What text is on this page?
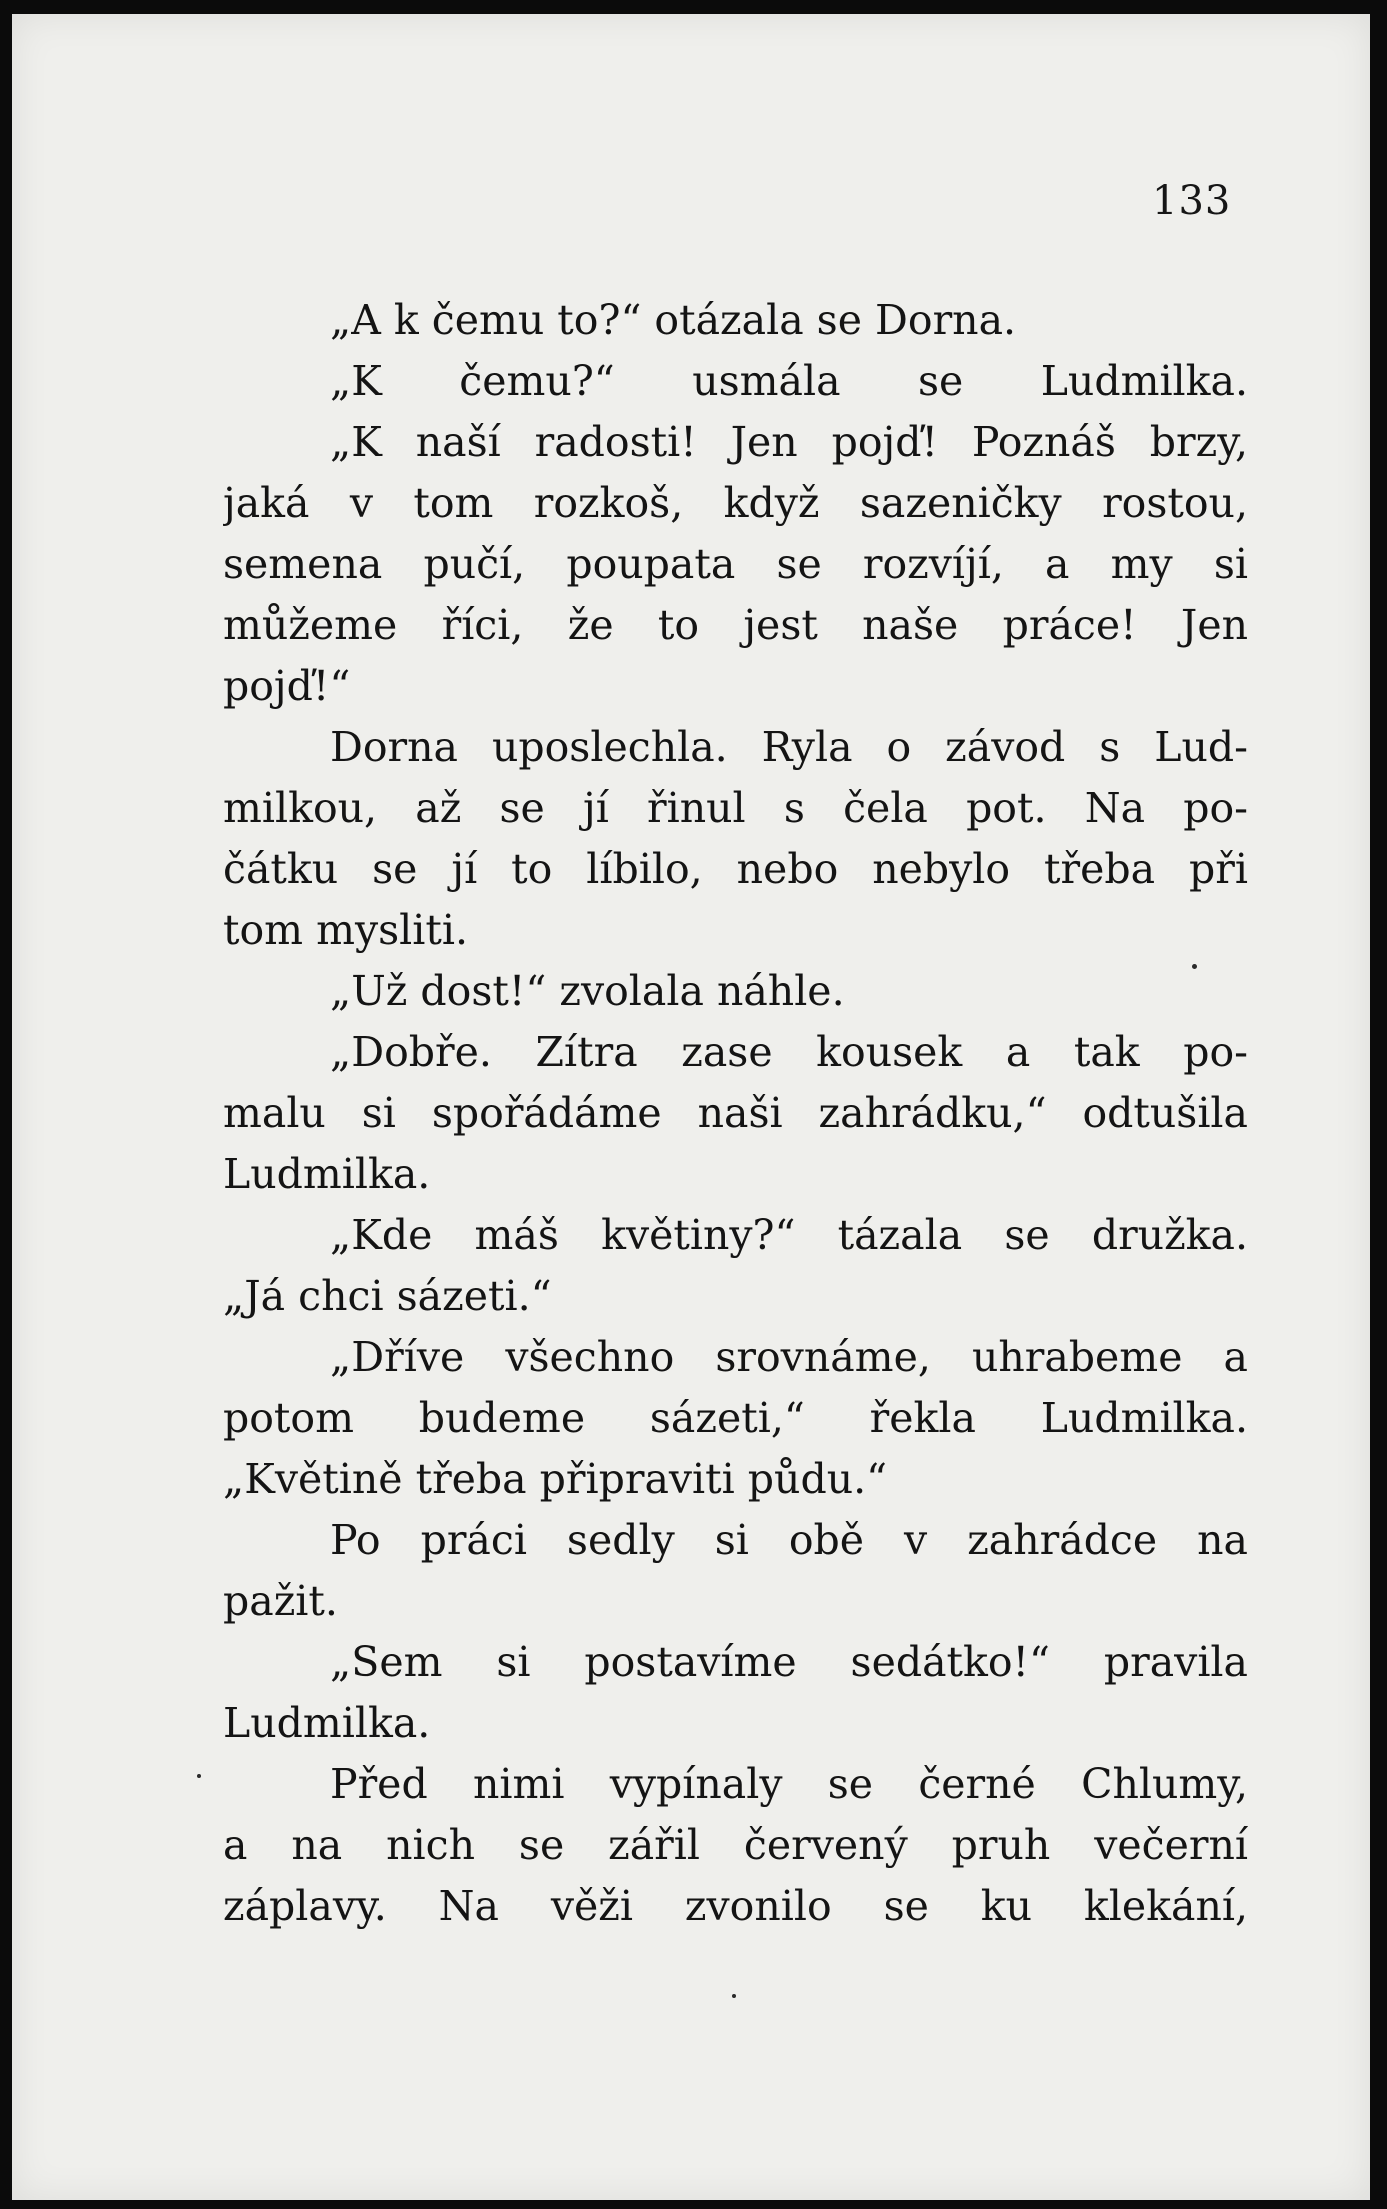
133
„A k čemu to?“ otázala se Dorna.
„K čemu?“ usmála se Ludmilka.
„K naší radosti! Jen pojď! Poznáš brzy,
jaká v tom rozkoš, když sazeničky rostou,
semena pučí, poupata se rozvíjí, a my si
můžeme říci, že to jest naše práce! Jen
pojď!“
Dorna uposlechla. Ryla o závod s Lud-
milkou, až se jí řinul s čela pot. Na po-
čátku se jí to líbilo, nebo nebylo třeba při
tom mysliti.
„Už dost!“ zvolala náhle.
„Dobře. Zítra zase kousek a tak po-
malu si spořádáme naši zahrádku,“ odtušila
Ludmilka.
„Kde máš květiny?“ tázala se družka.
„Já chci sázeti.“
„Dříve všechno srovnáme, uhrabeme a
potom budeme sázeti,“ řekla Ludmilka.
„Květině třeba připraviti půdu.“
Po práci sedly si obě v zahrádce na
pažit.
„Sem si postavíme sedátko!“ pravila
Ludmilka.
Před nimi vypínaly se černé Chlumy,
a na nich se zářil červený pruh večerní
záplavy. Na věži zvonilo se ku klekání,
